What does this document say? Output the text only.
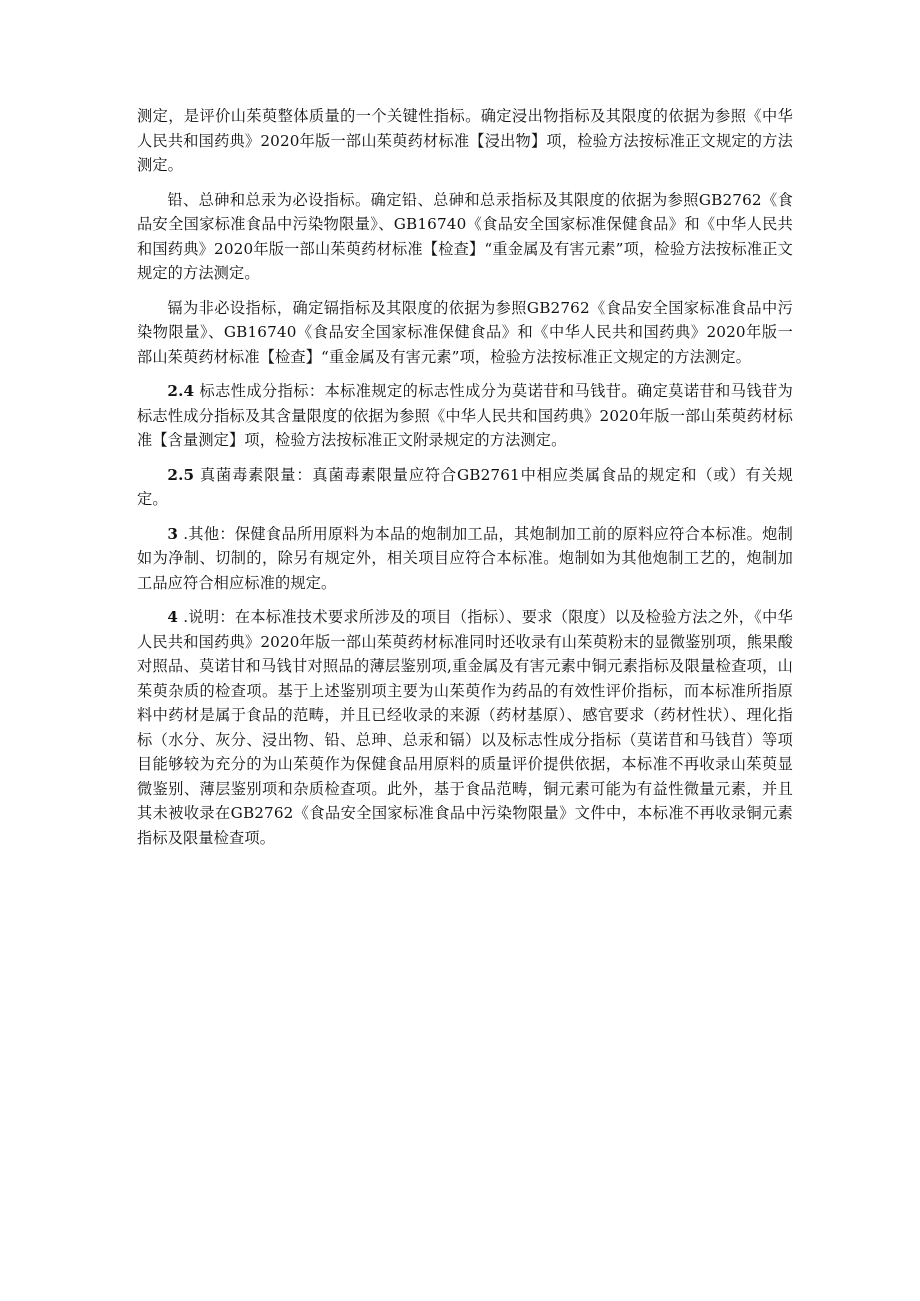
测定，是评价山茱萸整体质量的一个关键性指标。确定浸出物指标及其限度的依据为参照《中华人民共和国药典》2020年版一部山茱萸药材标准【浸出物】项，检验方法按标准正文规定的方法测定。

铅、总砷和总汞为必设指标。确定铅、总砷和总汞指标及其限度的依据为参照GB2762《食品安全国家标准食品中污染物限量》、GB16740《食品安全国家标准保健食品》和《中华人民共和国药典》2020年版一部山茱萸药材标准【检查】“重金属及有害元素”项，检验方法按标准正文规定的方法测定。

镉为非必设指标，确定镉指标及其限度的依据为参照GB2762《食品安全国家标准食品中污染物限量》、GB16740《食品安全国家标准保健食品》和《中华人民共和国药典》2020年版一部山茱萸药材标准【检查】“重金属及有害元素”项，检验方法按标准正文规定的方法测定。

2.4 标志性成分指标：本标准规定的标志性成分为莫诺苷和马钱苷。确定莫诺苷和马钱苷为标志性成分指标及其含量限度的依据为参照《中华人民共和国药典》2020年版一部山茱萸药材标准【含量测定】项，检验方法按标准正文附录规定的方法测定。

2.5 真菌毒素限量：真菌毒素限量应符合GB2761中相应类属食品的规定和（或）有关规定。

3 .其他：保健食品所用原料为本品的炮制加工品，其炮制加工前的原料应符合本标准。炮制如为净制、切制的，除另有规定外，相关项目应符合本标准。炮制如为其他炮制工艺的，炮制加工品应符合相应标准的规定。

4 .说明：在本标准技术要求所涉及的项目（指标）、要求（限度）以及检验方法之外，《中华人民共和国药典》2020年版一部山茱萸药材标准同时还收录有山茱萸粉末的显微鉴别项，熊果酸对照品、莫诺甘和马钱甘对照品的薄层鉴别项,重金属及有害元素中铜元素指标及限量检查项，山茱萸杂质的检查项。基于上述鉴别项主要为山茱萸作为药品的有效性评价指标，而本标准所指原料中药材是属于食品的范畴，并且已经收录的来源（药材基原）、感官要求（药材性状）、理化指标（水分、灰分、浸出物、铅、总珅、总汞和镉）以及标志性成分指标（莫诺苜和马钱苜）等项目能够较为充分的为山茱萸作为保健食品用原料的质量评价提供依据，本标准不再收录山茱萸显微鉴别、薄层鉴别项和杂质检查项。此外，基于食品范畴，铜元素可能为有益性微量元素，并且其未被收录在GB2762《食品安全国家标准食品中污染物限量》文件中，本标准不再收录铜元素指标及限量检查项。
